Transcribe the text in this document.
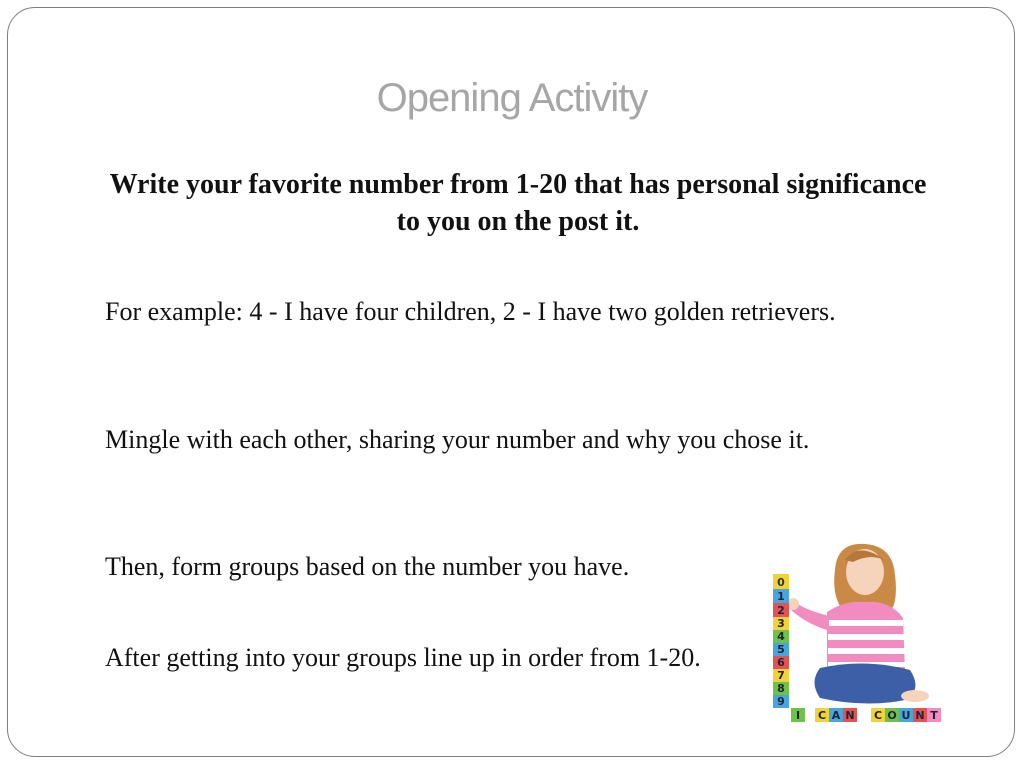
Opening Activity
Write your favorite number from 1-20 that has personal significance to you on the post it.
For example: 4 - I have four children, 2 - I have two golden retrievers.
Mingle with each other, sharing your number and why you chose it.
Then, form groups based on the number you have.
After getting into your groups line up in order from 1-20.
0
1
2
3
4
5
6
7
8
9
I C A N C O U N T
